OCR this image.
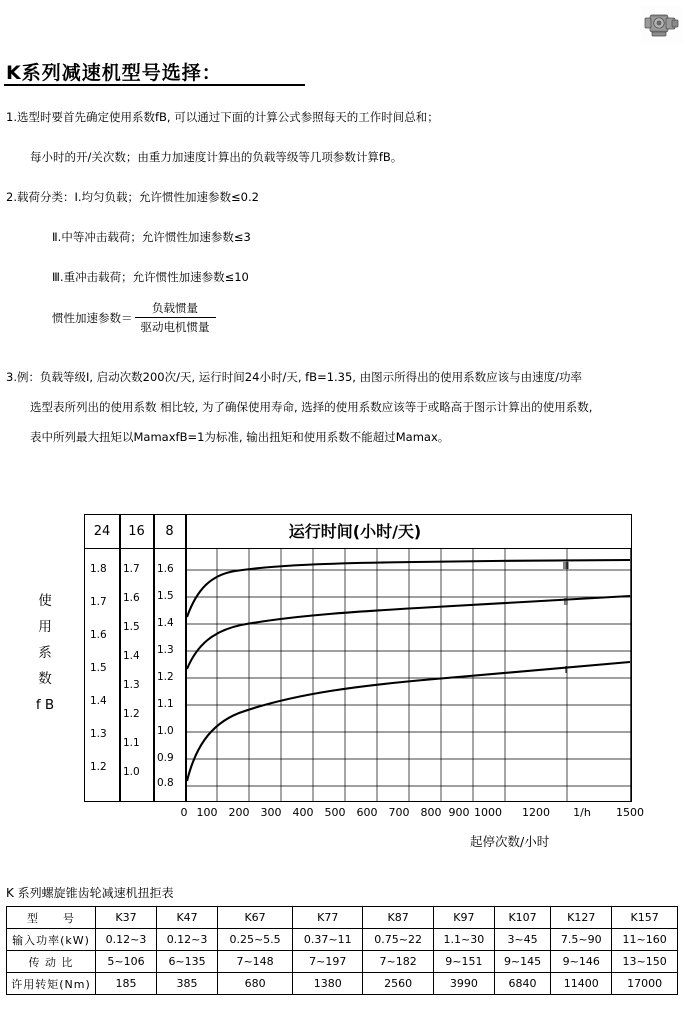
K系列减速机型号选择：
1.选型时要首先确定使用系数fB, 可以通过下面的计算公式参照每天的工作时间总和；
每小时的开/关次数；由重力加速度计算出的负载等级等几项参数计算fB。
2.载荷分类：Ⅰ.均匀负载；允许惯性加速参数≤0.2
Ⅱ.中等冲击载荷；允许惯性加速参数≤3
Ⅲ.重冲击载荷；允许惯性加速参数≤10
惯性加速参数＝ $\frac{\text{负载惯量}}{\text{驱动电机惯量}}$
3.例：负载等级Ⅰ, 启动次数200次/天, 运行时间24小时/天, fB=1.35, 由图示所得出的使用系数应该与由速度/功率
选型表所列出的使用系数 相比较, 为了确保使用寿命, 选择的使用系数应该等于或略高于图示计算出的使用系数,
表中所列最大扭矩以MamaxfB=1为标准, 输出扭矩和使用系数不能超过Mamax。
使
用
系
数
f B
24	16	8	运行时间(小时/天)
1.8
1.7
1.6
1.5
1.4
1.3
1.2
1.7
1.6
1.5
1.4
1.3
1.2
1.1
1.0
1.6
1.5
1.4
1.3
1.2
1.1
1.0
0.9
0.8
Ⅲ
Ⅱ
Ⅰ
0 100 200 300 400 500 600 700 800 900 1000 1200	1/h	1500
起停次数/小时
K 系列螺旋锥齿轮减速机扭拒表
型　　号	K37	K47	K67	K77	K87	K97	K107	K127	K157
输入功率(kW)	0.12~3	0.12~3	0.25~5.5	0.37~11	0.75~22	1.1~30	3~45	7.5~90	11~160
传 动 比	5~106	6~135	7~148	7~197	7~182	9~151	9~145	9~146	13~150
许用转矩(Nm)	185	385	680	1380	2560	3990	6840	11400	17000
